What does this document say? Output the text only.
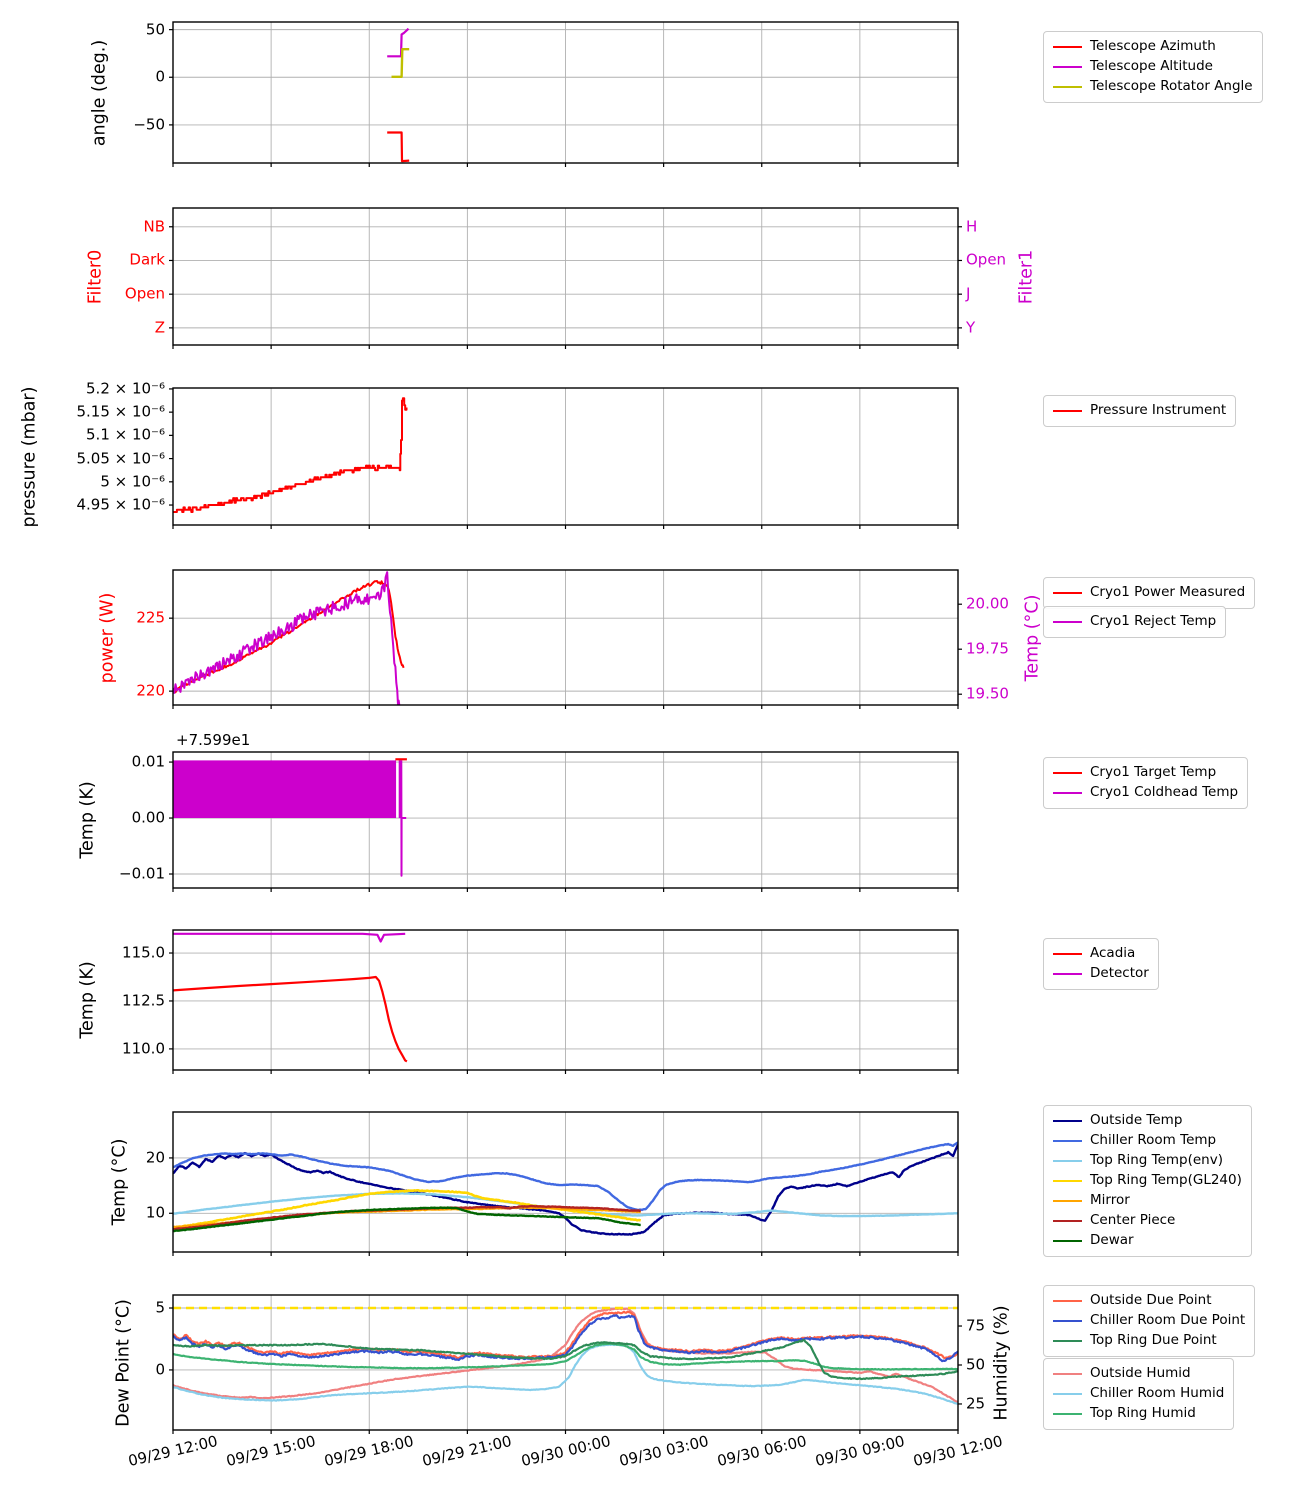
50
0
−50
angle (deg.)	Telescope Azimuth
Telescope Altitude
Telescope Rotator Angle
NB
Dark
Open
Z
H
Open
J
Y
Filter0	Filter1
5.2 × 10⁻⁶
5.15 × 10⁻⁶
5.1 × 10⁻⁶
5.05 × 10⁻⁶
5 × 10⁻⁶
4.95 × 10⁻⁶
pressure (mbar)	Pressure Instrument
225
220
20.00
19.75
19.50
power (W)	Temp (°C)
Cryo1 Power Measured
Cryo1 Reject Temp
0.01
0.00
−0.01
Temp (K)
+7.599e1
Cryo1 Target Temp
Cryo1 Coldhead Temp
115.0
112.5
110.0
Temp (K)
Acadia
Detector
20
10
Temp (°C)
Outside Temp
Chiller Room Temp
Top Ring Temp(env)
Top Ring Temp(GL240)
Mirror
Center Piece
Dewar
5
0
75
50
25
Dew Point (°C)	Humidity (%)
09/29 12:00 09/29 15:00 09/29 18:00 09/29 21:00 09/30 00:00 09/30 03:00 09/30 06:00 09/30 09:00 09/30 12:00
Outside Due Point
Chiller Room Due Point
Top Ring Due Point
Outside Humid
Chiller Room Humid
Top Ring Humid
